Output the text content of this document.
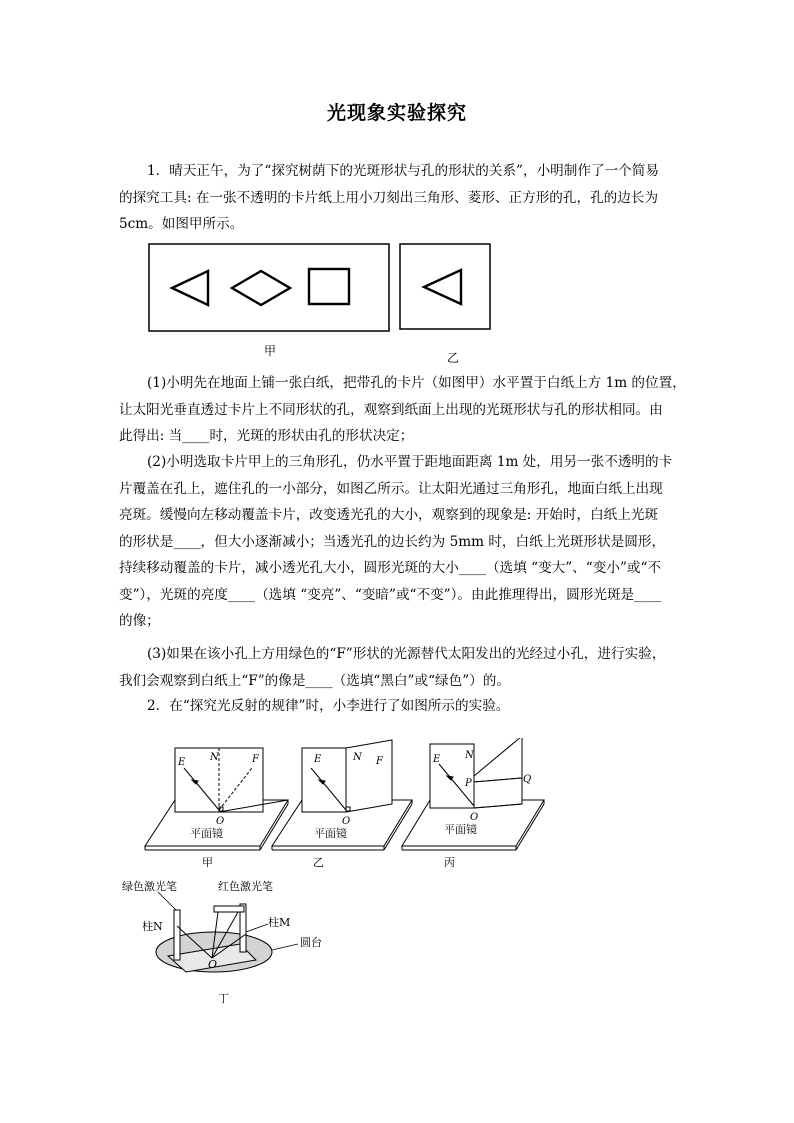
光现象实验探究
1．晴天正午，为了“探究树荫下的光斑形状与孔的形状的关系”，小明制作了一个简易
的探究工具: 在一张不透明的卡片纸上用小刀刻出三角形、菱形、正方形的孔，孔的边长为
5cm。如图甲所示。
甲	乙
(1)小明先在地面上铺一张白纸，把带孔的卡片（如图甲）水平置于白纸上方 1m 的位置，
让太阳光垂直透过卡片上不同形状的孔，观察到纸面上出现的光斑形状与孔的形状相同。由
此得出: 当____时，光斑的形状由孔的形状决定；
(2)小明选取卡片甲上的三角形孔，仍水平置于距地面距离 1m 处，用另一张不透明的卡
片覆盖在孔上，遮住孔的一小部分，如图乙所示。让太阳光通过三角形孔，地面白纸上出现
亮斑。缓慢向左移动覆盖卡片，改变透光孔的大小，观察到的现象是: 开始时，白纸上光斑
的形状是____，但大小逐渐减小；当透光孔的边长约为 5mm 时，白纸上光斑形状是圆形，
持续移动覆盖的卡片，减小透光孔大小，圆形光斑的大小____（选填 “变大”、“变小”或“不
变”），光斑的亮度____（选填 “变亮”、“变暗”或“不变”）。由此推理得出，圆形光斑是____
的像；
(3)如果在该小孔上方用绿色的“F”形状的光源替代太阳发出的光经过小孔，进行实验，
我们会观察到白纸上“F”的像是____（选填“黑白”或“绿色”）的。
2．在“探究光反射的规律”时，小李进行了如图所示的实验。
E N	F
O
E	N F
O
E N
P	Q
O
平面镜	平面镜	平面镜
甲	乙	丙
绿色激光笔	红色激光笔
柱N	柱M
圆台
O
丁
